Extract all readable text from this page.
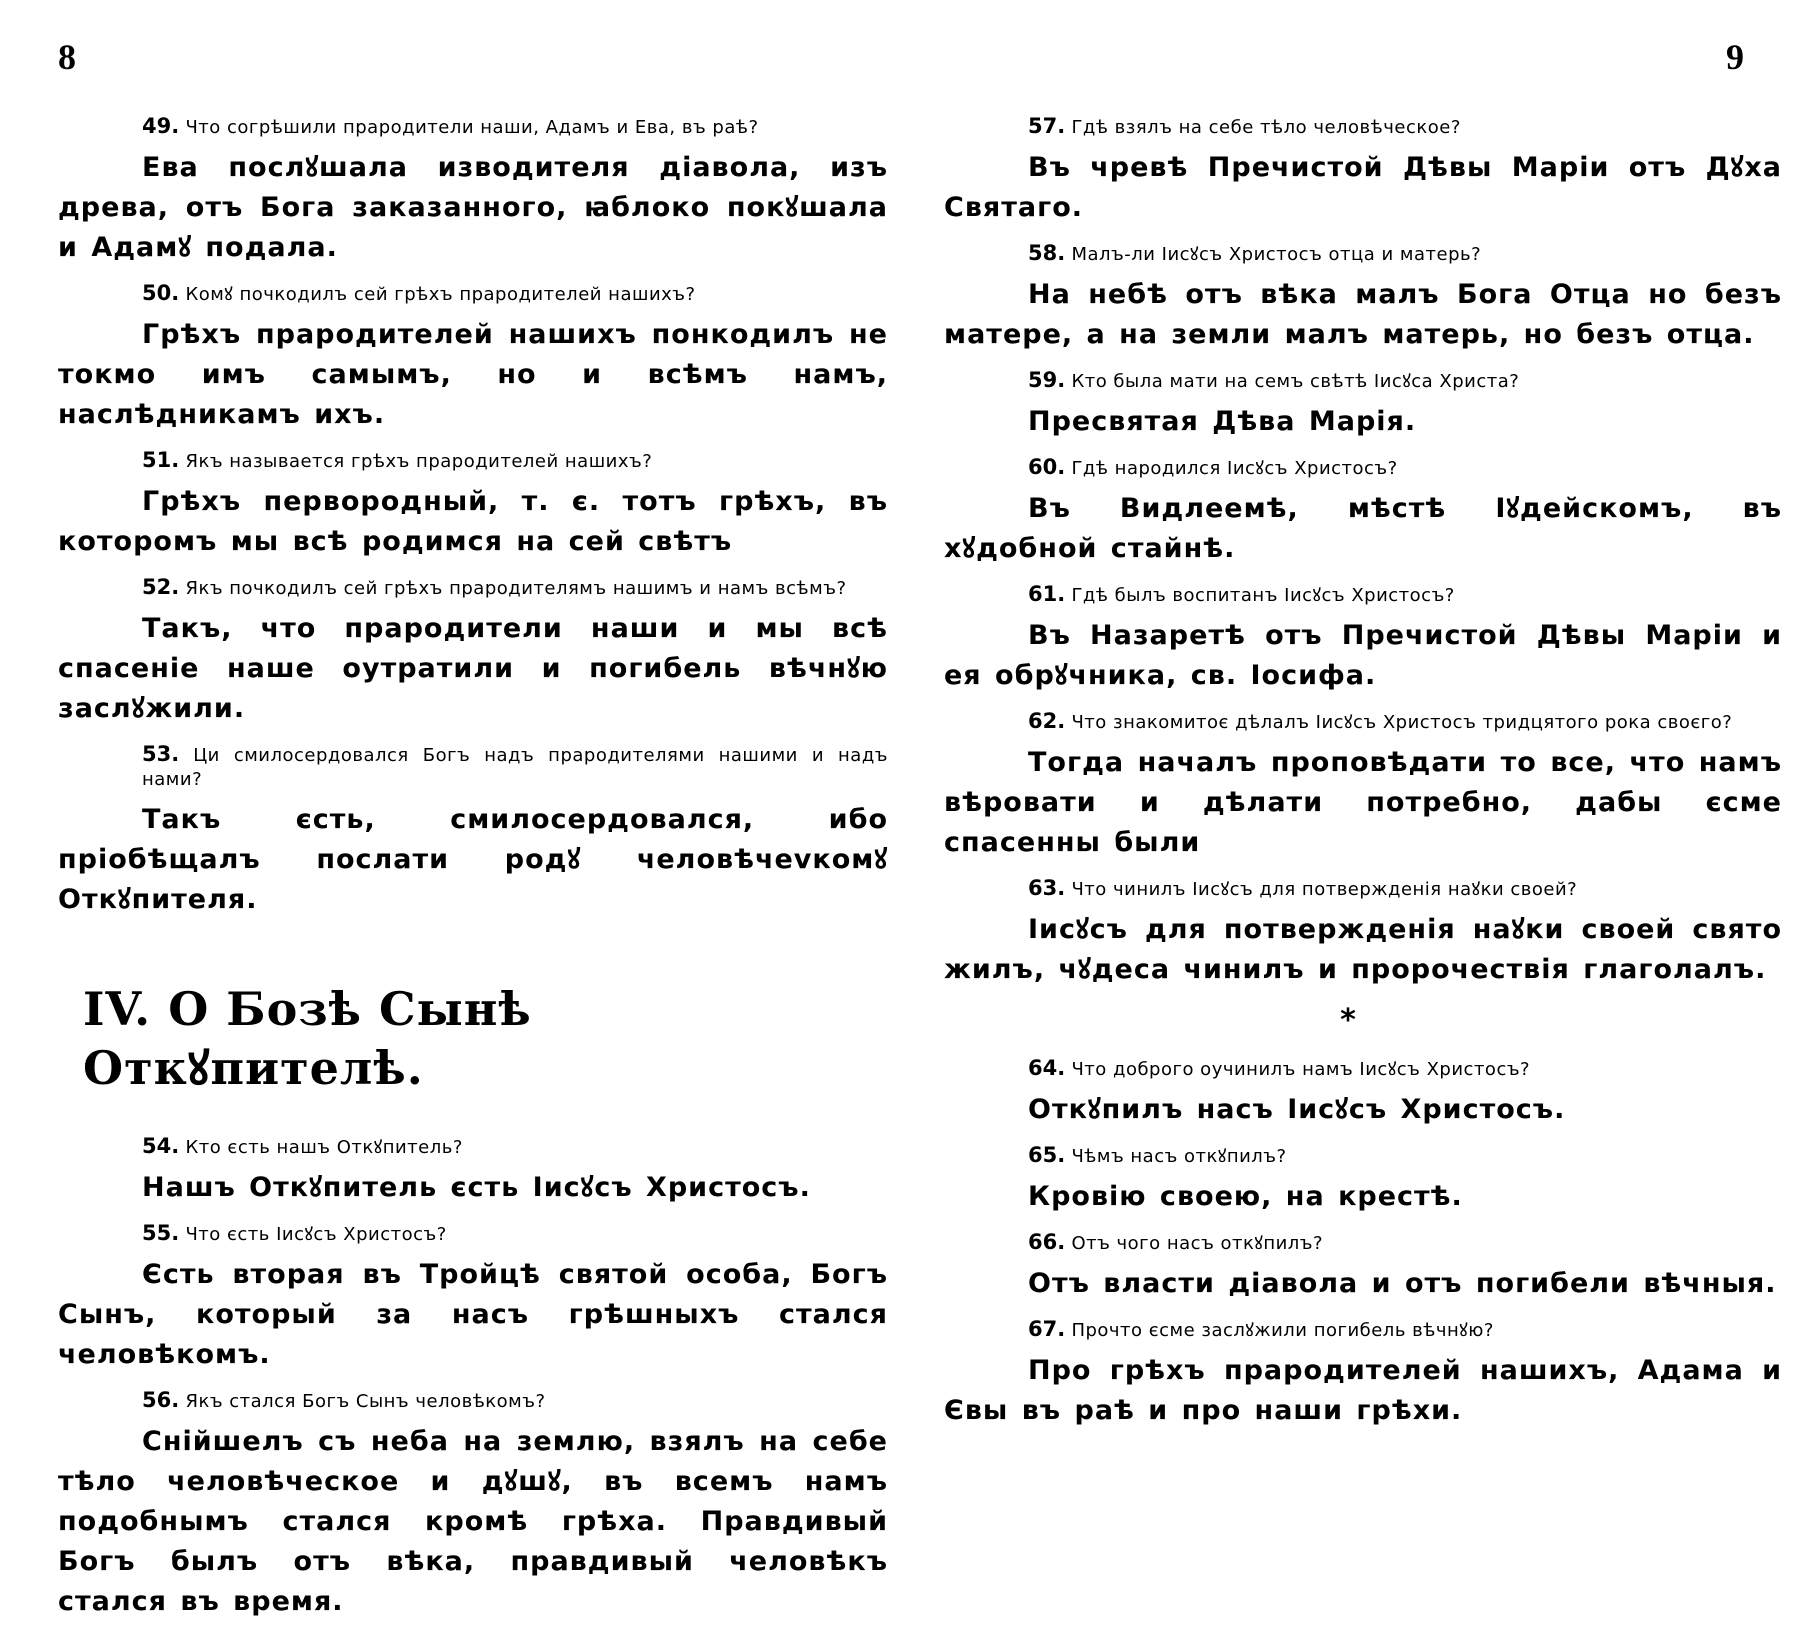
8

49. Что согрѣшили прародители наши, Адамъ и Ева, въ раѣ?

Ева послꙋшала изводителя діавола, изъ древа, отъ Бога заказанного, ꙗблоко покꙋшала и Адамꙋ подала.

50. Комꙋ почкодилъ сей грѣхъ прародителей нашихъ?

Грѣхъ прародителей нашихъ понкодилъ не токмо имъ самымъ, но и всѣмъ намъ, наслѣдникамъ ихъ.

51. Якъ называется грѣхъ прародителей нашихъ?

Грѣхъ первородный, т. є. тотъ грѣхъ, въ которомъ мы всѣ родимся на сей свѣтъ

52. Якъ почкодилъ сей грѣхъ прародителямъ нашимъ и намъ всѣмъ?

Такъ, что прародители наши и мы всѣ спасеніе наше оутратили и погибель вѣчнꙋю заслꙋжили.

53. Ци смилосердовался Богъ надъ прародителями нашими и надъ нами?

Такъ єсть, смилосердовался, ибо пріобѣщалъ послати родꙋ человѣчеvкомꙋ Откꙋпителя.

IV. О Бозѣ Сынѣ Откꙋпителѣ.

54. Кто єсть нашъ Откꙋпитель?

Нашъ Откꙋпитель єсть Іисꙋсъ Христосъ.

55. Что єсть Іисꙋсъ Христосъ?

Єсть вторая въ Тройцѣ святой особа, Богъ Сынъ, который за насъ грѣшныхъ стался человѣкомъ.

56. Якъ стался Богъ Сынъ человѣкомъ?

Снійшелъ съ неба на землю, взялъ на себе тѣло человѣческое и дꙋшꙋ, въ всемъ намъ подобнымъ стался кромѣ грѣха. Правдивый Богъ былъ отъ вѣка, правдивый человѣкъ стался въ время.

9

57. Гдѣ взялъ на себе тѣло человѣческое?

Въ чревѣ Пречистой Дѣвы Маріи отъ Дꙋха Святаго.

58. Малъ-ли Іисꙋсъ Христосъ отца и матерь?

На небѣ отъ вѣка малъ Бога Отца но безъ матере, а на земли малъ матерь, но безъ отца.

59. Кто была мати на семъ свѣтѣ Іисꙋса Христа?

Пресвятая Дѣва Марія.

60. Гдѣ народился Іисꙋсъ Христосъ?

Въ Видлеемѣ, мѣстѣ Іꙋдейскомъ, въ хꙋдобной стайнѣ.

61. Гдѣ былъ воспитанъ Іисꙋсъ Христосъ?

Въ Назаретѣ отъ Пречистой Дѣвы Маріи и ея обрꙋчника, св. Іосифа.

62. Что знакомитоє дѣлалъ Іисꙋсъ Христосъ тридцятого рока своєго?

Тогда началъ проповѣдати то все, что намъ вѣровати и дѣлати потребно, дабы єсме спасенны были

63. Что чинилъ Іисꙋсъ для потвержденія наꙋки своей?

Іисꙋсъ для потвержденія наꙋки своей свято жилъ, чꙋдеса чинилъ и пророчествія глаголалъ.

*

64. Что доброго оучинилъ намъ Іисꙋсъ Христосъ?

Откꙋпилъ насъ Іисꙋсъ Христосъ.

65. Чѣмъ насъ откꙋпилъ?

Кровію своею, на крестѣ.

66. Отъ чого насъ откꙋпилъ?

Отъ власти діавола и отъ погибели вѣчныя.

67. Прочто єсме заслꙋжили погибель вѣчнꙋю?

Про грѣхъ прародителей нашихъ, Адама и Євы въ раѣ и про наши грѣхи.
